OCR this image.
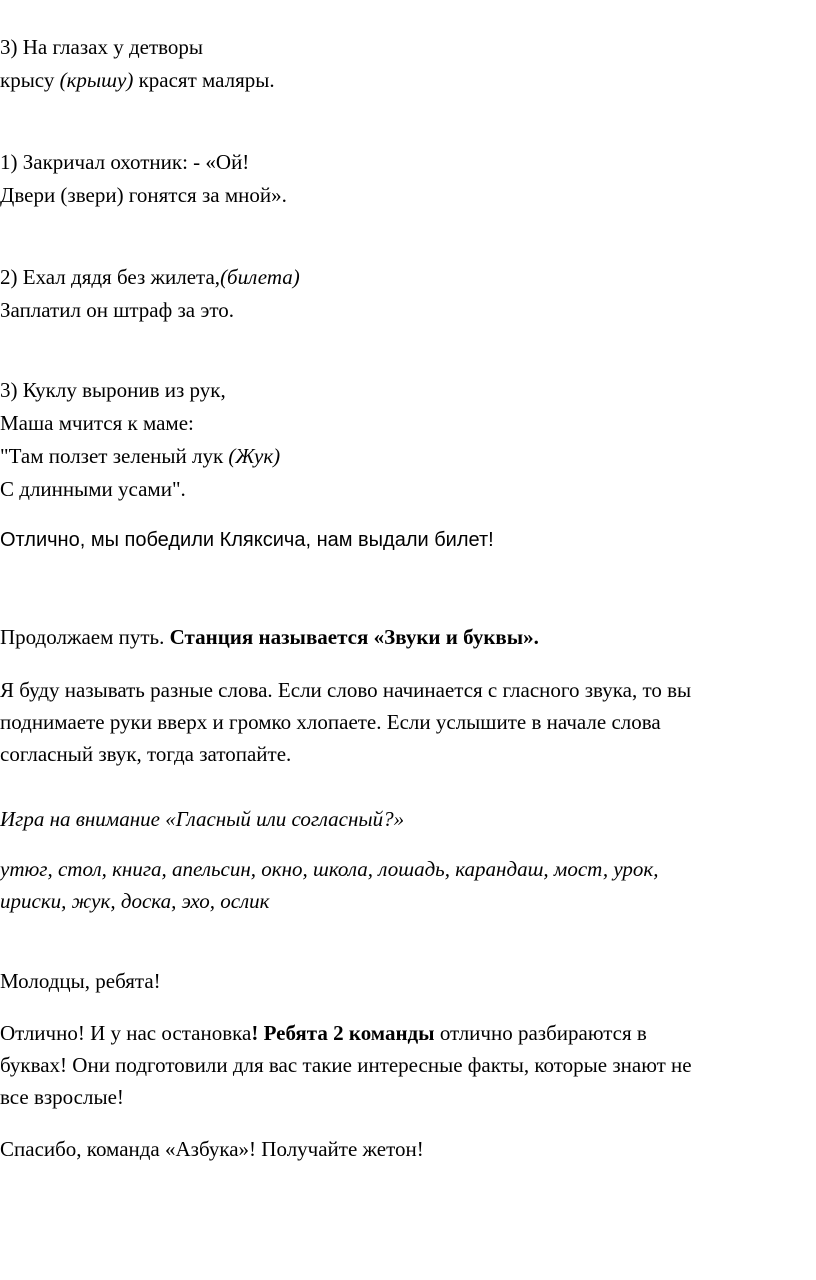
3) На глазах у детворы
крысу (крышу) красят маляры.
1) Закричал охотник: - «Ой!
Двери (звери) гонятся за мной».
2) Ехал дядя без жилета,(билета)
Заплатил он штраф за это.
3) Куклу выронив из рук,
Маша мчится к маме:
"Там ползет зеленый лук (Жук)
С длинными усами".
Отлично, мы победили Кляксича, нам выдали билет!
Продолжаем путь. Станция называется «Звуки и буквы».
Я буду называть разные слова. Если слово начинается с гласного звука, то вы
поднимаете руки вверх и громко хлопаете. Если услышите в начале слова
согласный звук, тогда затопайте.
Игра на внимание «Гласный или согласный?»
утюг, стол, книга, апельсин, окно, школа, лошадь, карандаш, мост, урок,
ириски, жук, доска, эхо, ослик
Молодцы, ребята!
Отлично! И у нас остановка! Ребята 2 команды отлично разбираются в
буквах! Они подготовили для вас такие интересные факты, которые знают не
все взрослые!
Спасибо, команда «Азбука»! Получайте жетон!
